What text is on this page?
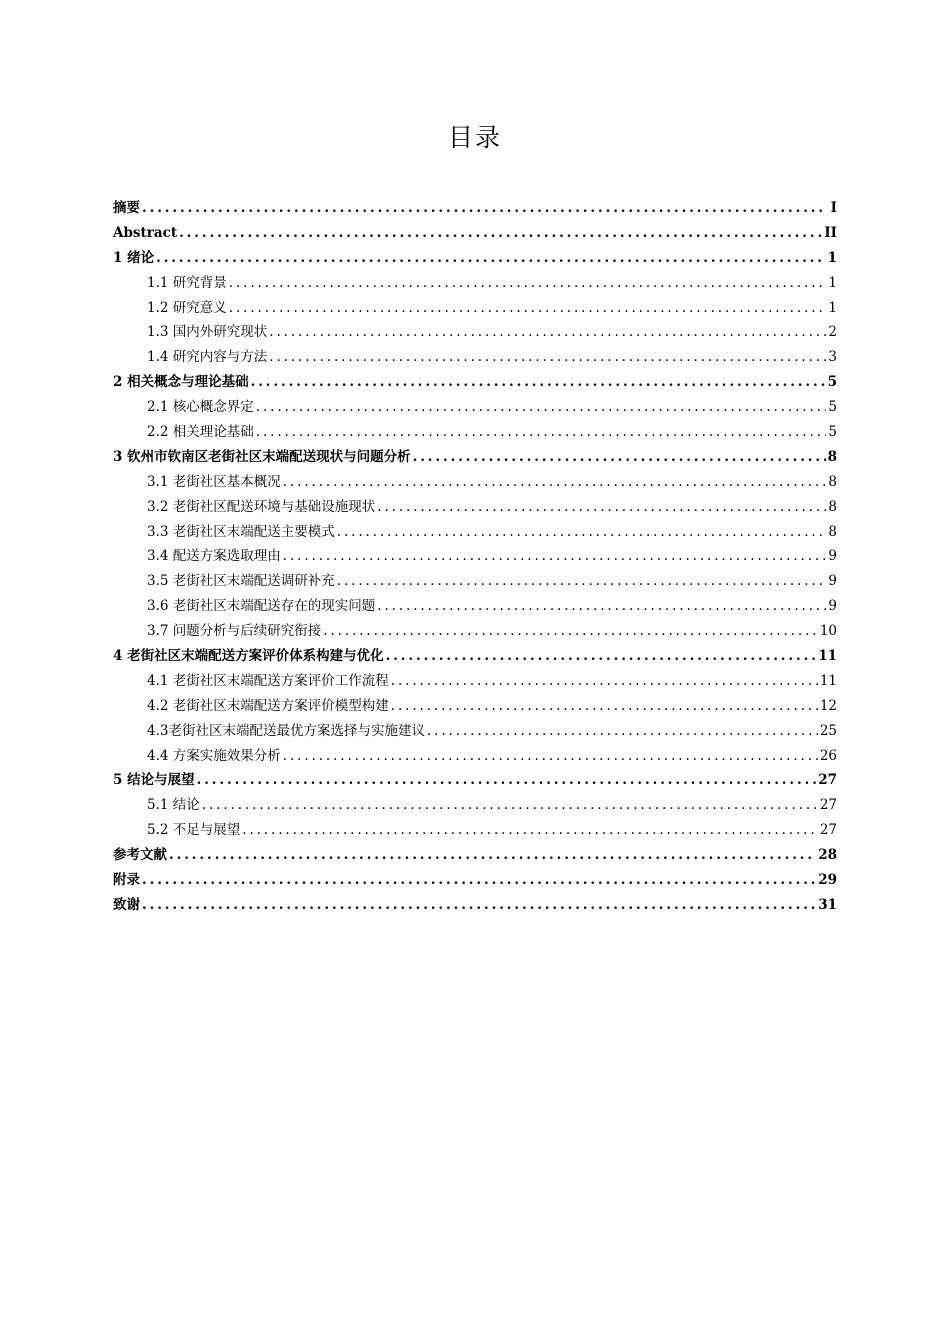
目录
摘要 .....	I
Abstract .....	II
1 绪论 .....	1
1.1 研究背景 .....	1
1.2 研究意义 .....	1
1.3 国内外研究现状 .....	2
1.4 研究内容与方法 .....	3
2 相关概念与理论基础 .....	5
2.1 核心概念界定 .....	5
2.2 相关理论基础 .....	5
3 钦州市钦南区老街社区末端配送现状与问题分析 .....	8
3.1 老街社区基本概况 .....	8
3.2 老街社区配送环境与基础设施现状 .....	8
3.3 老街社区末端配送主要模式 .....	8
3.4 配送方案选取理由 .....	9
3.5 老街社区末端配送调研补充 .....	9
3.6 老街社区末端配送存在的现实问题 .....	9
3.7 问题分析与后续研究衔接 .....	10
4 老街社区末端配送方案评价体系构建与优化 .....	11
4.1 老街社区末端配送方案评价工作流程 .....	11
4.2 老街社区末端配送方案评价模型构建 .....	12
4.3老街社区末端配送最优方案选择与实施建议 .....	25
4.4 方案实施效果分析 .....	26
5 结论与展望 .....	27
5.1 结论 .....	27
5.2 不足与展望 .....	27
参考文献 .....	28
附录 .....	29
致谢 .....	31
